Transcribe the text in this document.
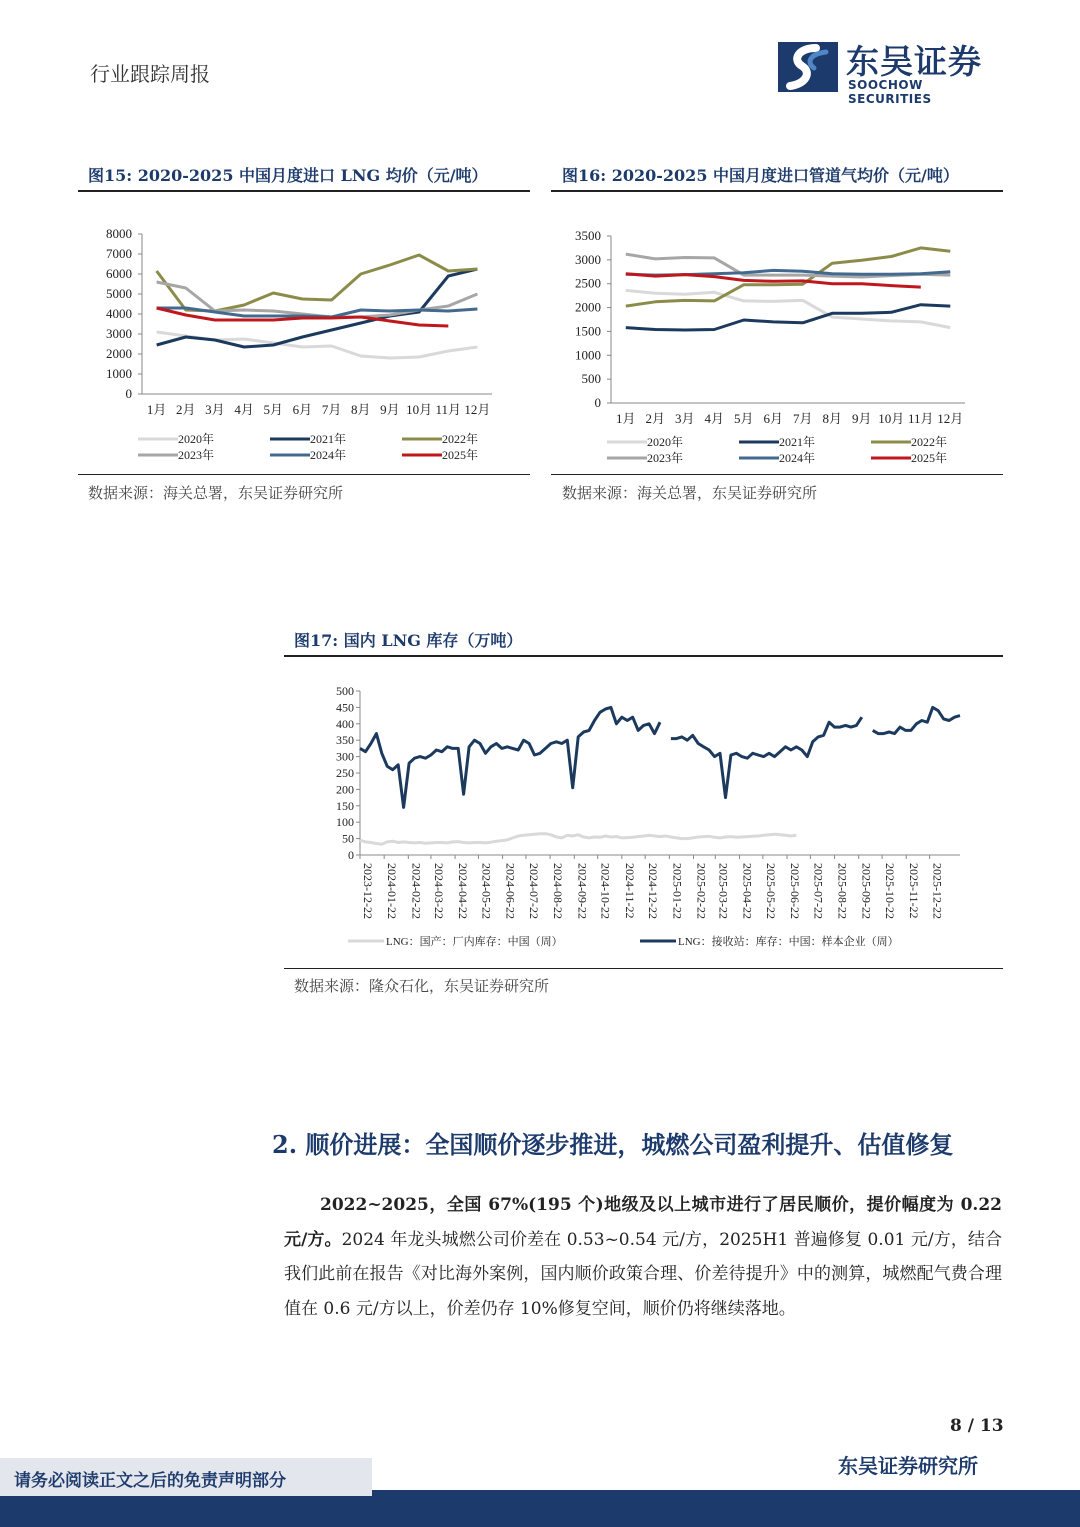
行业跟踪周报	东吴证券
SOOCHOW SECURITIES
图15: 2020-2025 中国月度进口 LNG 均价（元/吨）
0
1000
2000
3000
4000
5000
6000
7000
8000
1月 2月 3月 4月 5月 6月 7月 8月 9月 10月 11月 12月
2020年	2021年	2022年
2023年	2024年	2025年
数据来源：海关总署，东吴证券研究所
图16: 2020-2025 中国月度进口管道气均价（元/吨）
0
500
1000
1500
2000
2500
3000
3500
1月 2月 3月 4月 5月 6月 7月 8月 9月 10月 11月 12月
2020年	2021年	2022年
2023年	2024年	2025年
数据来源：海关总署，东吴证券研究所
图17: 国内 LNG 库存（万吨）
0
50
100
150
200
250
300
350
400
450
500
2023-12-22 2024-01-22 2024-02-22 2024-03-22 2024-04-22 2024-05-22 2024-06-22 2024-07-22 2024-08-22 2024-09-22 2024-10-22 2024-11-22 2024-12-22 2025-01-22 2025-02-22 2025-03-22 2025-04-22 2025-05-22 2025-06-22 2025-07-22 2025-08-22 2025-09-22 2025-10-22 2025-11-22 2025-12-22
LNG：国产：厂内库存：中国（周）	LNG：接收站：库存：中国：样本企业（周）
数据来源：隆众石化，东吴证券研究所
2. 顺价进展：全国顺价逐步推进，城燃公司盈利提升、估值修复
2022~2025，全国 67%(195 个)地级及以上城市进行了居民顺价，提价幅度为 0.22 元/方。2024 年龙头城燃公司价差在 0.53~0.54 元/方，2025H1 普遍修复 0.01 元/方，结合我们此前在报告《对比海外案例，国内顺价政策合理、价差待提升》中的测算，城燃配气费合理值在 0.6 元/方以上，价差仍存 10%修复空间，顺价仍将继续落地。
8 / 13
东吴证券研究所
请务必阅读正文之后的免责声明部分
